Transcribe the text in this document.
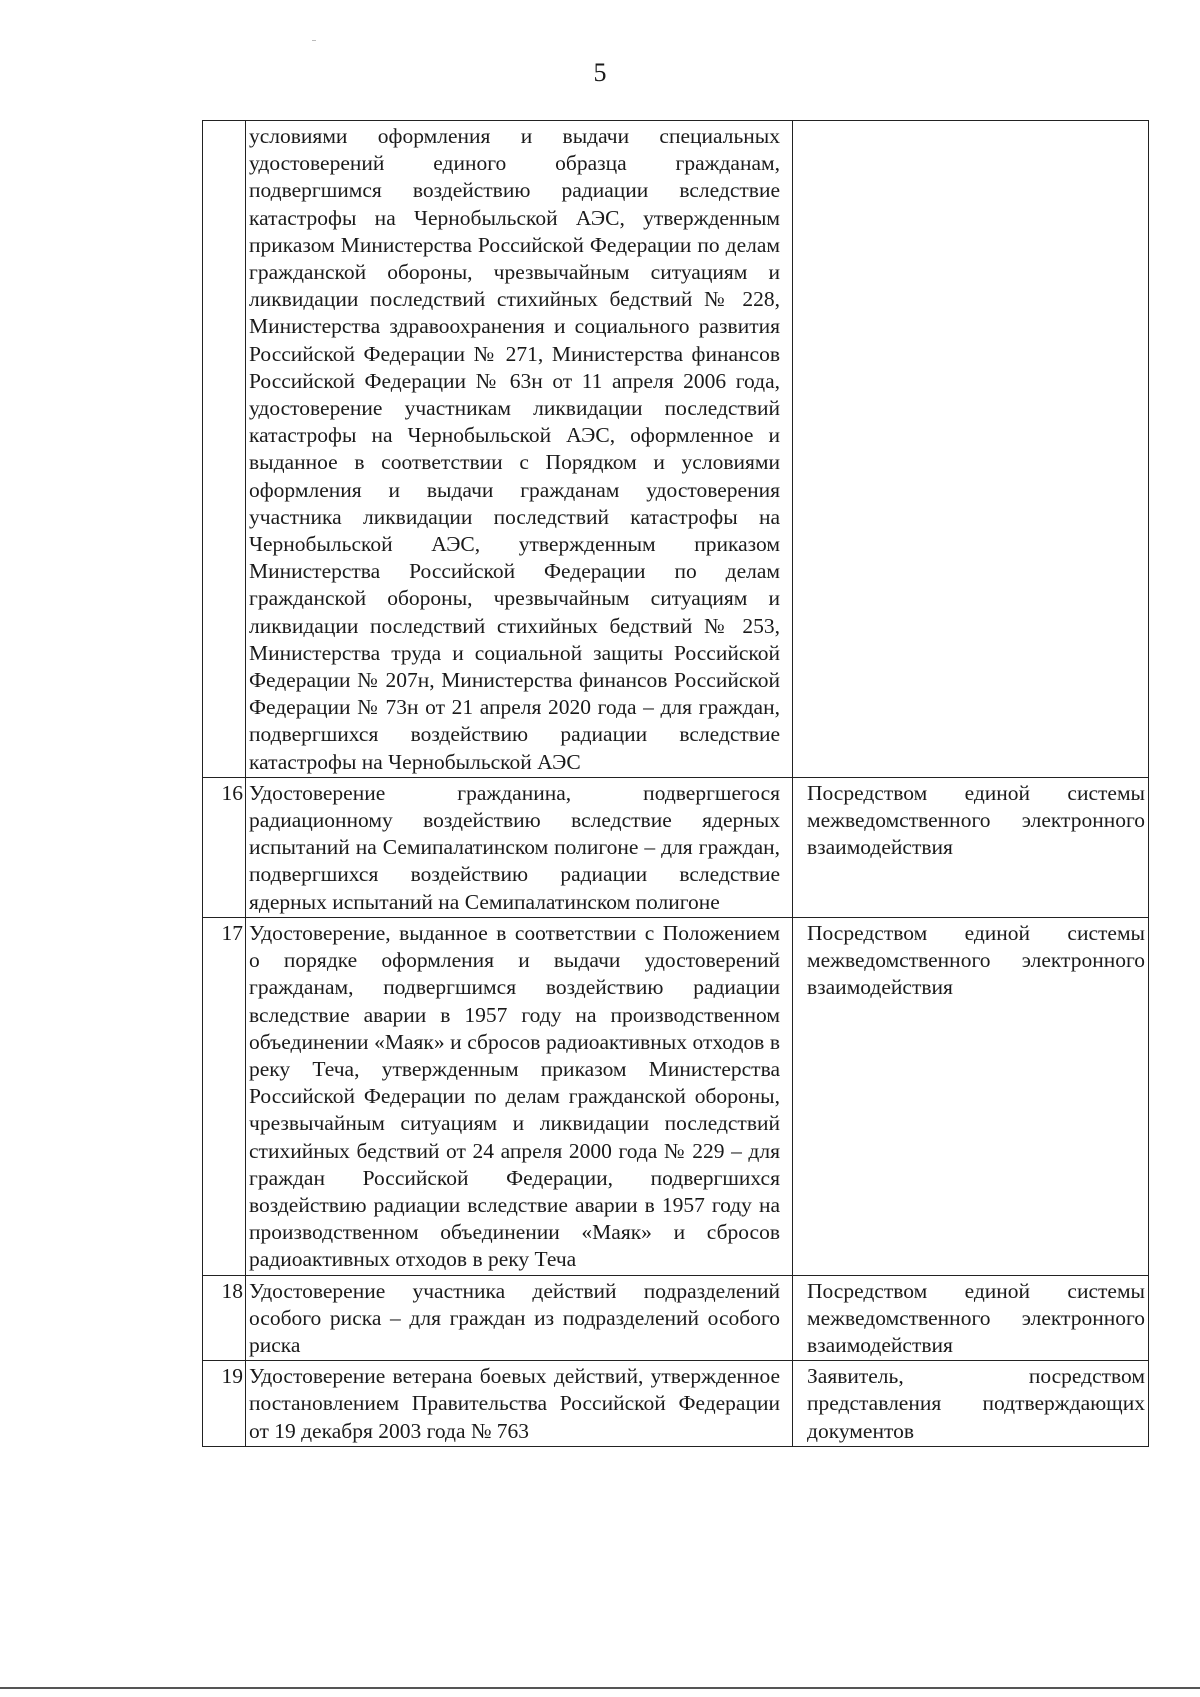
5
	условиями оформления и выдачи специальных удостоверений единого образца гражданам, подвергшимся воздействию радиации вследствие катастрофы на Чернобыльской АЭС, утвержденным приказом Министерства Российской Федерации по делам гражданской обороны, чрезвычайным ситуациям и ликвидации последствий стихийных бедствий № 228, Министерства здравоохранения и социального развития Российской Федерации № 271, Министерства финансов Российской Федерации № 63н от 11 апреля 2006 года, удостоверение участникам ликвидации последствий катастрофы на Чернобыльской АЭС, оформленное и выданное в соответствии с Порядком и условиями оформления и выдачи гражданам удостоверения участника ликвидации последствий катастрофы на Чернобыльской АЭС, утвержденным приказом Министерства Российской Федерации по делам гражданской обороны, чрезвычайным ситуациям и ликвидации последствий стихийных бедствий № 253, Министерства труда и социальной защиты Российской Федерации № 207н, Министерства финансов Российской Федерации № 73н от 21 апреля 2020 года – для граждан, подвергшихся воздействию радиации вследствие катастрофы на Чернобыльской АЭС	
16	Удостоверение гражданина, подвергшегося радиационному воздействию вследствие ядерных испытаний на Семипалатинском полигоне – для граждан, подвергшихся воздействию радиации вследствие ядерных испытаний на Семипалатинском полигоне	Посредством единой системы межведомственного электронного взаимодействия
17	Удостоверение, выданное в соответствии с Положением о порядке оформления и выдачи удостоверений гражданам, подвергшимся воздействию радиации вследствие аварии в 1957 году на производственном объединении «Маяк» и сбросов радиоактивных отходов в реку Теча, утвержденным приказом Министерства Российской Федерации по делам гражданской обороны, чрезвычайным ситуациям и ликвидации последствий стихийных бедствий от 24 апреля 2000 года № 229 – для граждан Российской Федерации, подвергшихся воздействию радиации вследствие аварии в 1957 году на производственном объединении «Маяк» и сбросов радиоактивных отходов в реку Теча	Посредством единой системы межведомственного электронного взаимодействия
18	Удостоверение участника действий подразделений особого риска – для граждан из подразделений особого риска	Посредством единой системы межведомственного электронного взаимодействия
19	Удостоверение ветерана боевых действий, утвержденное постановлением Правительства Российской Федерации от 19 декабря 2003 года № 763	Заявитель, посредством представления подтверждающих документов
